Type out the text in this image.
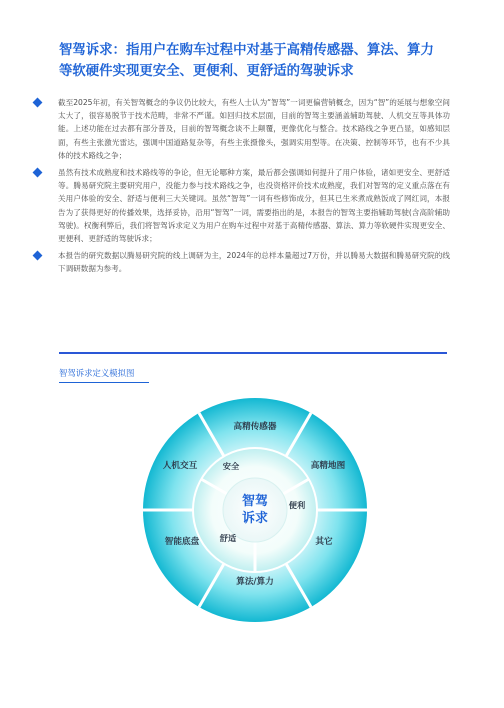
智驾诉求：指用户在购车过程中对基于高精传感器、算法、算力
等软硬件实现更安全、更便利、更舒适的驾驶诉求
截至2025年初，有关智驾概念的争议仍比较大，有些人士认为“智驾”一词更偏营销概念，因为“智”的延展与想象空间太大了，很容易脱节于技术范畴，非常不严谨。如回归技术层面，目前的智驾主要涵盖辅助驾驶、人机交互等具体功能。上述功能在过去都有部分普及，目前的智驾概念谈不上颠覆，更像优化与整合。技术路线之争更凸显，如感知层面，有些主张激光雷达，强调中国道路复杂等，有些主张摄像头，强调实用型等。在决策、控制等环节，也有不少具体的技术路线之争；
虽然有技术成熟度和技术路线等的争论，但无论哪种方案，最后都会强调如何提升了用户体验，诸如更安全、更舒适等。腾易研究院主要研究用户，没能力参与技术路线之争，也没资格评价技术成熟度，我们对智驾的定义重点落在有关用户体验的安全、舒适与便利三大关键词。虽然“智驾”一词有些修饰成分，但其已生米煮成熟饭成了网红词，本报告为了获得更好的传播效果，选择妥协，沿用“智驾”一词，需要指出的是，本报告的智驾主要指辅助驾驶(含高阶辅助驾驶)。权衡利弊后，我们将智驾诉求定义为用户在购车过程中对基于高精传感器、算法、算力等软硬件实现更安全、更便利、更舒适的驾驶诉求；
本报告的研究数据以腾易研究院的线上调研为主，2024年的总样本量超过7万份，并以腾易大数据和腾易研究院的线下调研数据为参考。
智驾诉求定义模拟图
智驾
诉求
高精传感器
高精地图
其它
算法/算力
智能底盘
人机交互	安全
便利
舒适
